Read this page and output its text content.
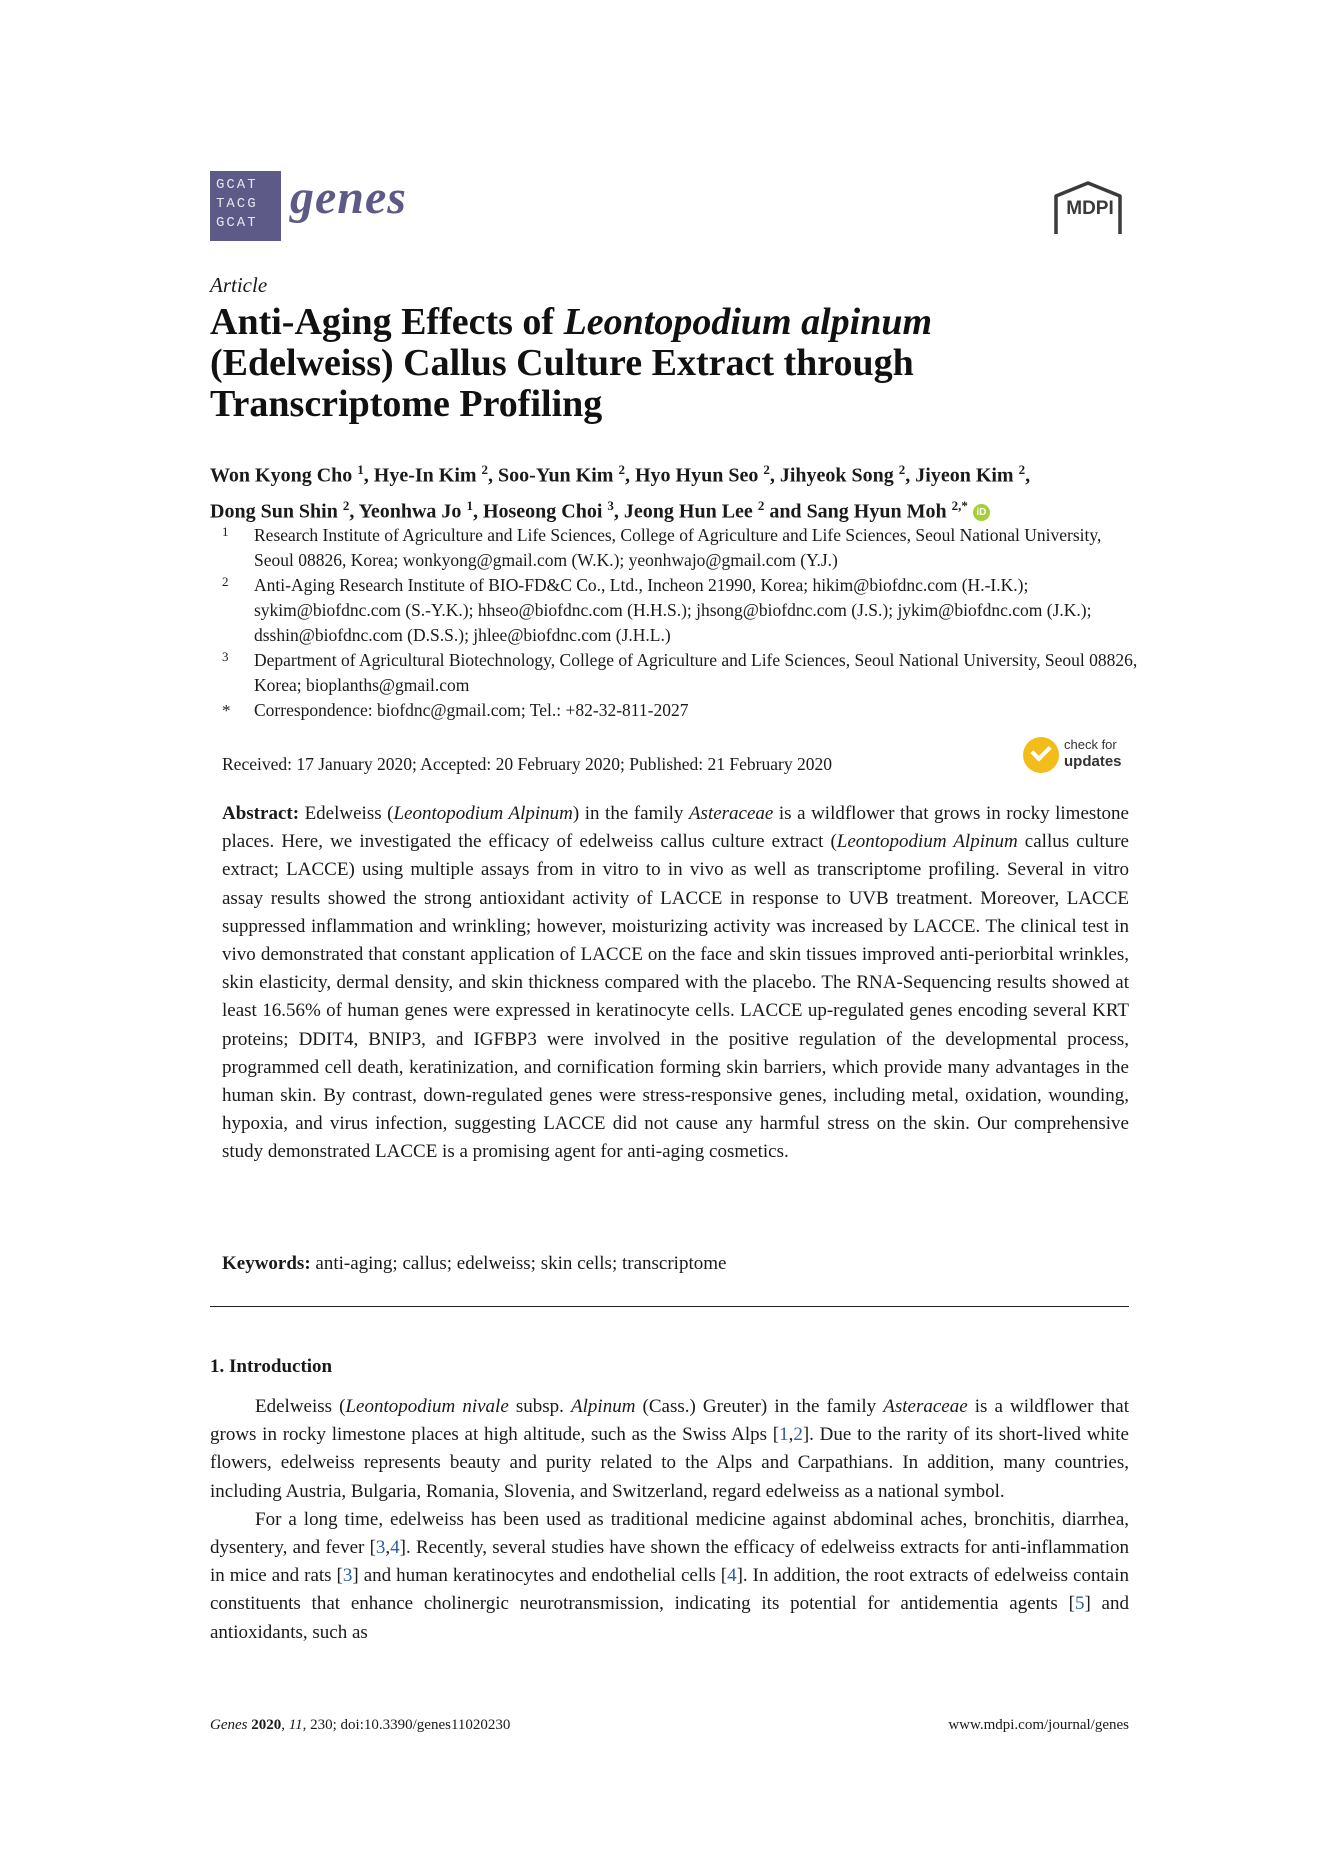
GCAT
TACG
GCAT genes	MDPI
Article
Anti-Aging Effects of Leontopodium alpinum (Edelweiss) Callus Culture Extract through Transcriptome Profiling
Won Kyong Cho $^1$, Hye-In Kim $^2$, Soo-Yun Kim $^2$, Hyo Hyun Seo $^2$, Jihyeok Song $^2$, Jiyeon Kim $^2$,
Dong Sun Shin $^2$, Yeonhwa Jo $^1$, Hoseong Choi $^3$, Jeong Hun Lee $^2$ and Sang Hyun Moh $^{2,*}$ iD
1 Research Institute of Agriculture and Life Sciences, College of Agriculture and Life Sciences, Seoul National University, Seoul 08826, Korea; wonkyong@gmail.com (W.K.); yeonhwajo@gmail.com (Y.J.)
2 Anti-Aging Research Institute of BIO-FD&C Co., Ltd., Incheon 21990, Korea; hikim@biofdnc.com (H.-I.K.); sykim@biofdnc.com (S.-Y.K.); hhseo@biofdnc.com (H.H.S.); jhsong@biofdnc.com (J.S.); jykim@biofdnc.com (J.K.); dsshin@biofdnc.com (D.S.S.); jhlee@biofdnc.com (J.H.L.)
3 Department of Agricultural Biotechnology, College of Agriculture and Life Sciences, Seoul National University, Seoul 08826, Korea; bioplanths@gmail.com
* Correspondence: biofdnc@gmail.com; Tel.: +82-32-811-2027
Received: 17 January 2020; Accepted: 20 February 2020; Published: 21 February 2020
check for
updates

Abstract: Edelweiss (Leontopodium Alpinum) in the family Asteraceae is a wildflower that grows in rocky limestone places. Here, we investigated the efficacy of edelweiss callus culture extract (Leontopodium Alpinum callus culture extract; LACCE) using multiple assays from in vitro to in vivo as well as transcriptome profiling. Several in vitro assay results showed the strong antioxidant activity of LACCE in response to UVB treatment. Moreover, LACCE suppressed inflammation and wrinkling; however, moisturizing activity was increased by LACCE. The clinical test in vivo demonstrated that constant application of LACCE on the face and skin tissues improved anti-periorbital wrinkles, skin elasticity, dermal density, and skin thickness compared with the placebo. The RNA-Sequencing results showed at least 16.56% of human genes were expressed in keratinocyte cells. LACCE up-regulated genes encoding several KRT proteins; DDIT4, BNIP3, and IGFBP3 were involved in the positive regulation of the developmental process, programmed cell death, keratinization, and cornification forming skin barriers, which provide many advantages in the human skin. By contrast, down-regulated genes were stress-responsive genes, including metal, oxidation, wounding, hypoxia, and virus infection, suggesting LACCE did not cause any harmful stress on the skin. Our comprehensive study demonstrated LACCE is a promising agent for anti-aging cosmetics.

Keywords: anti-aging; callus; edelweiss; skin cells; transcriptome

1. Introduction

Edelweiss (Leontopodium nivale subsp. Alpinum (Cass.) Greuter) in the family Asteraceae is a wildflower that grows in rocky limestone places at high altitude, such as the Swiss Alps [1,2]. Due to the rarity of its short-lived white flowers, edelweiss represents beauty and purity related to the Alps and Carpathians. In addition, many countries, including Austria, Bulgaria, Romania, Slovenia, and Switzerland, regard edelweiss as a national symbol.

For a long time, edelweiss has been used as traditional medicine against abdominal aches, bronchitis, diarrhea, dysentery, and fever [3,4]. Recently, several studies have shown the efficacy of edelweiss extracts for anti-inflammation in mice and rats [3] and human keratinocytes and endothelial cells [4]. In addition, the root extracts of edelweiss contain constituents that enhance cholinergic neurotransmission, indicating its potential for antidementia agents [5] and antioxidants, such as

Genes 2020, 11, 230; doi:10.3390/genes11020230	www.mdpi.com/journal/genes
